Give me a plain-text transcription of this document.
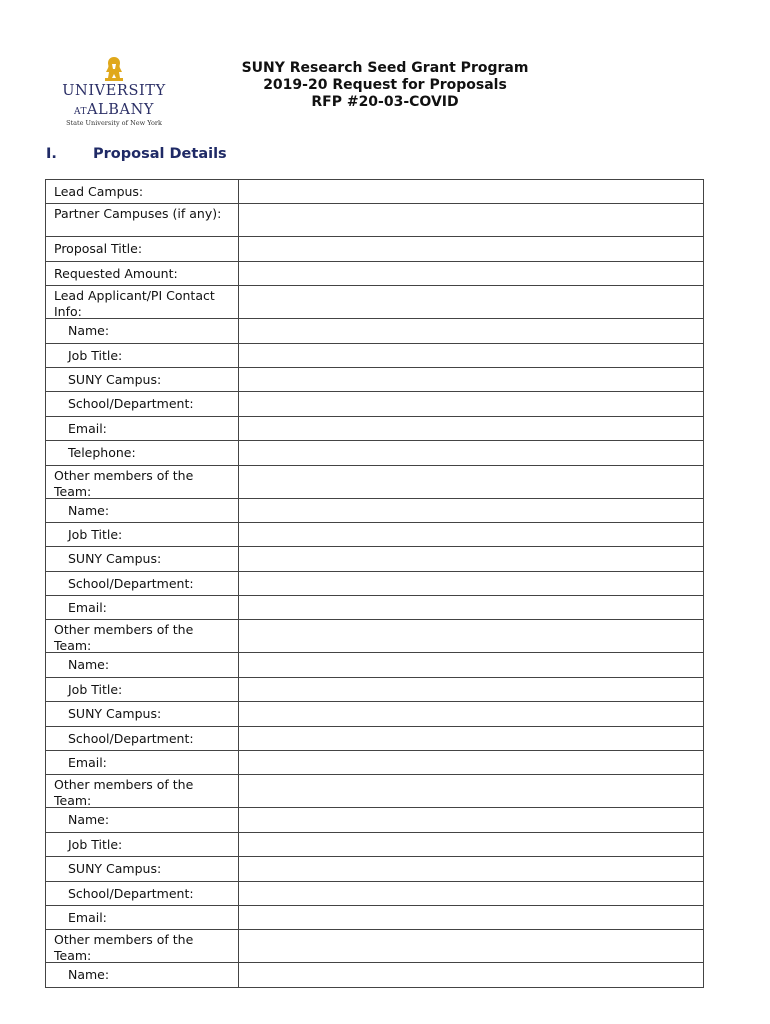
UNIVERSITY
ATALBANY
State University of New York
SUNY Research Seed Grant Program
2019-20 Request for Proposals
RFP #20-03-COVID
I. Proposal Details
Lead Campus:
Partner Campuses (if any):
Proposal Title:
Requested Amount:
Lead Applicant/PI Contact Info:
Name:
Job Title:
SUNY Campus:
School/Department:
Email:
Telephone:
Other members of the Team:
Name:
Job Title:
SUNY Campus:
School/Department:
Email:
Other members of the Team:
Name:
Job Title:
SUNY Campus:
School/Department:
Email:
Other members of the Team:
Name:
Job Title:
SUNY Campus:
School/Department:
Email:
Other members of the Team:
Name:
